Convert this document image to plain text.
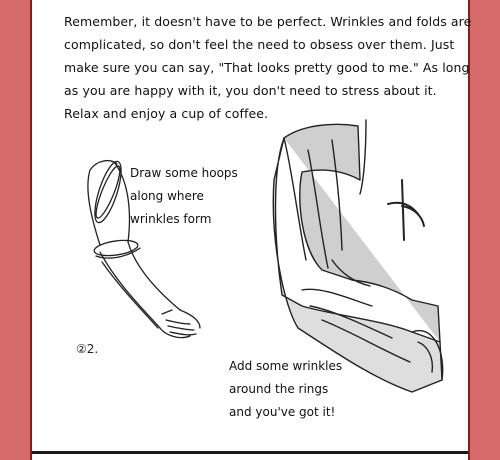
Remember, it doesn't have to be perfect. Wrinkles and folds are complicated, so don't feel the need to obsess over them. Just make sure you can say, "That looks pretty good to me." As long as you are happy with it, you don't need to stress about it. Relax and enjoy a cup of coffee.
Draw some hoops along where wrinkles form
②2.
Add some wrinkles around the rings and you've got it!
